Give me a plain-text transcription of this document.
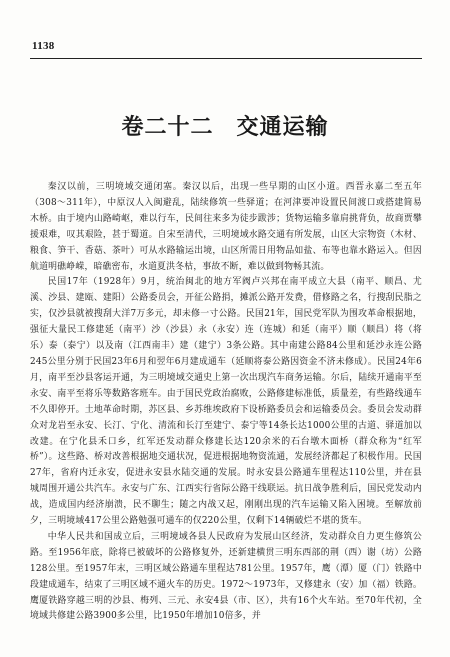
1138
卷二十二　交通运输

秦汉以前，三明境域交通闭塞。秦汉以后，出现一些早期的山区小道。西晋永嘉二至五年（308～311年），中原汉人入闽避乱，陆续修筑一些驿道；在河津要冲设置民间渡口或搭建简易木桥。由于境内山路崎岖，难以行车，民间往来多为徒步跋涉；货物运输多靠肩挑背负，故商贾攀援艰难，叹其艰险，甚于蜀道。自宋至清代，三明境域水路交通有所发展，山区大宗物资（木材、粮食、笋干、香菇、茶叶）可从水路输运出境，山区所需日用物品如盐、布等也靠水路运入。但因航道明礁峥嵘，暗礁密布，水道夏洪冬枯，事故不断，难以做到物畅其流。

民国17年（1928年）9月，统治闽北的地方军阀卢兴邦在南平成立大县（南平、顺昌、尤溪、沙县、建瓯、建阳）公路委员会，开征公路捐，摊派公路开发费，借修路之名，行搜刮民脂之实，仅沙县就被搜刮大洋7万多元，却未修一寸公路。民国21年，国民党军队为围攻革命根据地，强征大量民工修建延（南平）沙（沙县）永（永安）连（连城）和延（南平）顺（顺昌）将（将乐）泰（泰宁）以及南（江西南丰）建（建宁）3条公路。其中南建公路84公里和延沙永连公路245公里分别于民国23年6月和翌年6月建成通车（延顺将泰公路因资金不济未修成）。民国24年6月，南平至沙县客运开通，为三明境域交通史上第一次出现汽车商务运输。尔后，陆续开通南平至永安、南平至将乐等数路客班车。由于国民党政治腐败，公路修建标准低，质量差，有些路线通车不久即停开。土地革命时期，苏区县、乡苏维埃政府下设桥路委员会和运输委员会。委员会发动群众对龙岩至永安、长汀、宁化、清流和长汀至建宁、泰宁等14条长达1000公里的古道、驿道加以改建。在宁化县禾口乡，红军还发动群众修建长达120余米的石台墩木面桥（群众称为“红军桥”）。这些路、桥对改善根据地交通状况，促进根据地物资流通，发展经济都起了积极作用。民国27年，省府内迁永安，促进永安县水陆交通的发展。时永安县公路通车里程达110公里，并在县城周围开通公共汽车。永安与广东、江西实行省际公路干线联运。抗日战争胜利后，国民党发动内战，造成国内经济崩溃，民不聊生；随之内战又起，刚刚出现的汽车运输又陷入困境。至解放前夕，三明境域417公里公路勉强可通车的仅220公里，仅剩下14辆破烂不堪的货车。

中华人民共和国成立后，三明境域各县人民政府为发展山区经济，发动群众自力更生修筑公路。至1956年底，除将已被破坏的公路修复外，还新建横贯三明东西部的荆（西）谢（坊）公路128公里。至1957年末，三明区域公路通车里程达781公里。1957年，鹰（潭）厦（门）铁路中段建成通车，结束了三明区域不通火车的历史。1972～1973年，又修建永（安）加（福）铁路。鹰厦铁路穿越三明的沙县、梅列、三元、永安4县（市、区），共有16个火车站。至70年代初，全境域共修建公路3900多公里，比1950年增加10倍多，并
